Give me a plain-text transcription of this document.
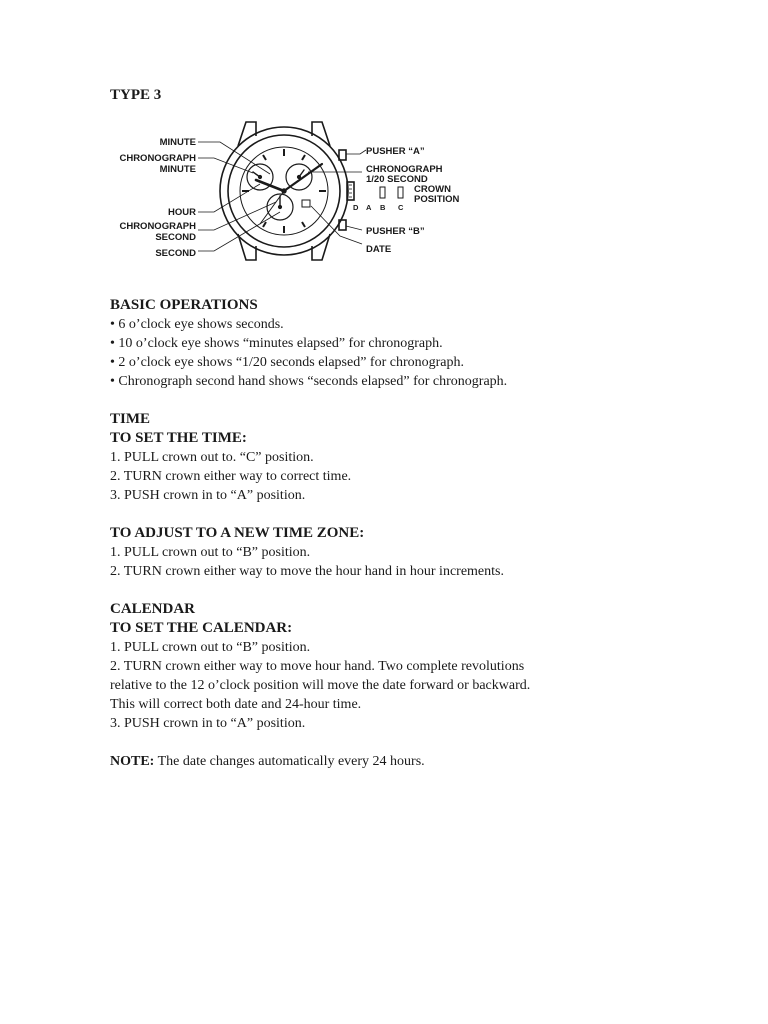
TYPE 3

MINUTE
CHRONOGRAPH
MINUTE
HOUR
CHRONOGRAPH
SECOND
SECOND
PUSHER “A”
CHRONOGRAPH
1/20 SECOND
CROWN
POSITION
D A B C
PUSHER “B”
DATE

BASIC OPERATIONS

• 6 o’clock eye shows seconds.

• 10 o’clock eye shows “minutes elapsed” for chronograph.

• 2 o’clock eye shows “1/20 seconds elapsed” for chronograph.

• Chronograph second hand shows “seconds elapsed” for chronograph.

TIME

TO SET THE TIME:

1. PULL crown out to. “C” position.

2. TURN crown either way to correct time.

3. PUSH crown in to “A” position.

TO ADJUST TO A NEW TIME ZONE:

1. PULL crown out to “B” position.

2. TURN crown either way to move the hour hand in hour increments.

CALENDAR

TO SET THE CALENDAR:

1. PULL crown out to “B” position.

2. TURN crown either way to move hour hand. Two complete revolutions

relative to the 12 o’clock position will move the date forward or backward.

This will correct both date and 24-hour time.

3. PUSH crown in to “A” position.

NOTE: The date changes automatically every 24 hours.
